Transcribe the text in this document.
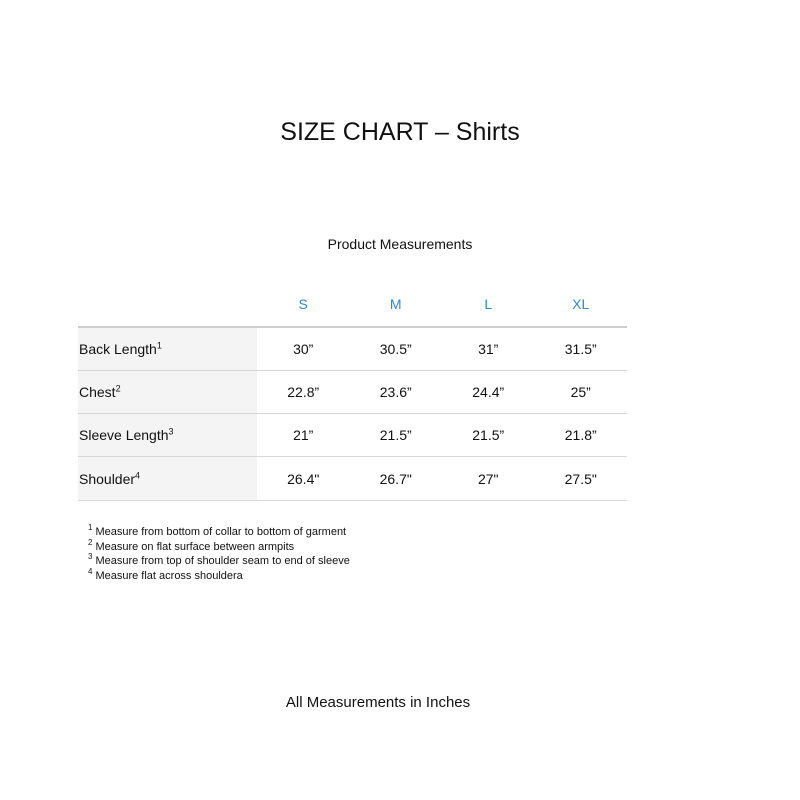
SIZE CHART – Shirts
Product Measurements
	S	M	L	XL
Back Length$^1$	30”	30.5”	31”	31.5”
Chest$^2$	22.8”	23.6”	24.4”	25”
Sleeve Length$^3$	21”	21.5”	21.5”	21.8”
Shoulder$^4$	26.4"	26.7"	27"	27.5"
$^1$ Measure from bottom of collar to bottom of garment
$^2$ Measure on flat surface between armpits
$^3$ Measure from top of shoulder seam to end of sleeve
$^4$ Measure flat across shouldera
All Measurements in Inches
